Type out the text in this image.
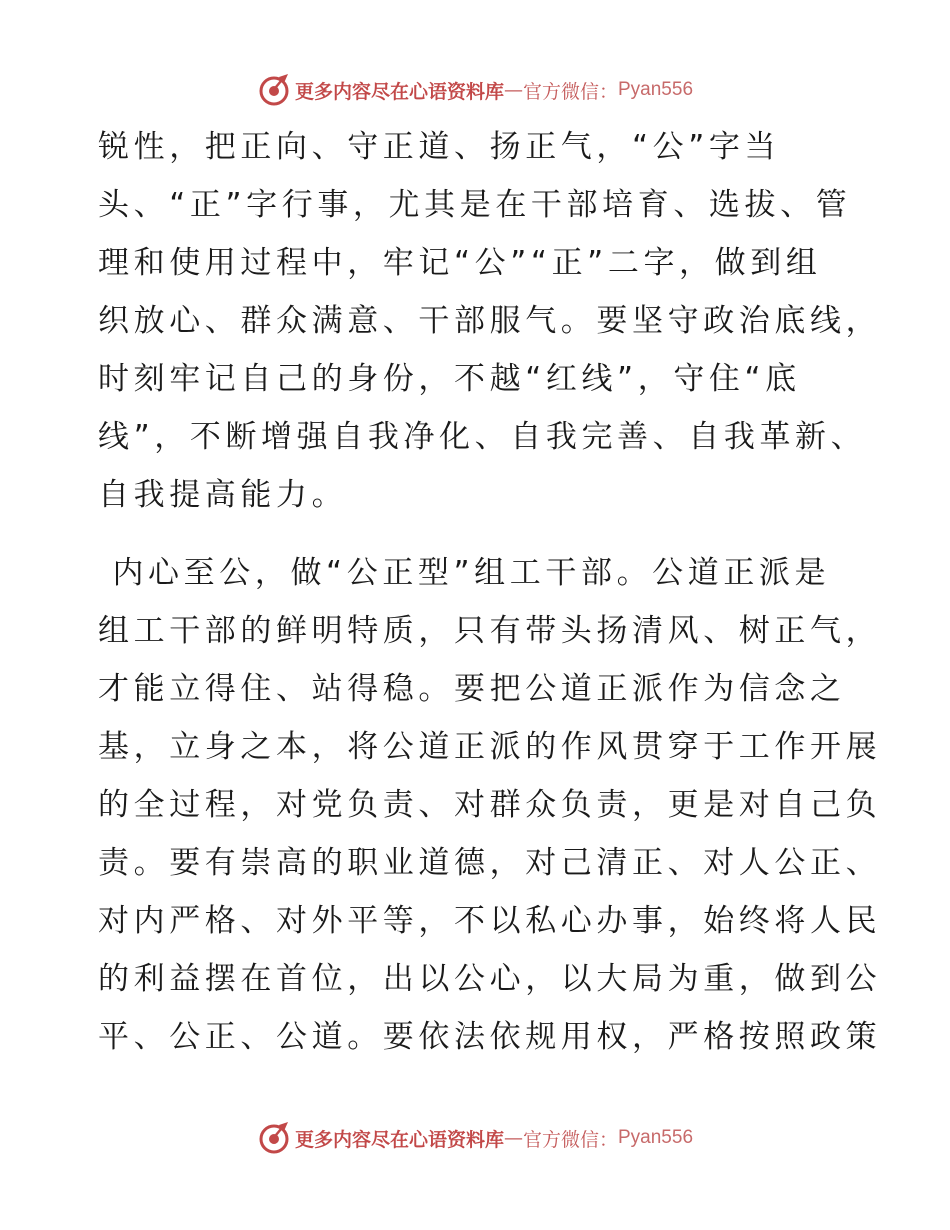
更多内容尽在心语资料库 — 官方微信： Pyan556
锐性，把正向、守正道、扬正气，“公”字当
头、“正”字行事，尤其是在干部培育、选拔、管
理和使用过程中，牢记“公”“正”二字，做到组
织放心、群众满意、干部服气。要坚守政治底线，
时刻牢记自己的身份，不越“红线”，守住“底
线”，不断增强自我净化、自我完善、自我革新、
自我提高能力。
内心至公，做“公正型”组工干部。公道正派是
组工干部的鲜明特质，只有带头扬清风、树正气，
才能立得住、站得稳。要把公道正派作为信念之
基，立身之本，将公道正派的作风贯穿于工作开展
的全过程，对党负责、对群众负责，更是对自己负
责。要有崇高的职业道德，对己清正、对人公正、
对内严格、对外平等，不以私心办事，始终将人民
的利益摆在首位，出以公心，以大局为重，做到公
平、公正、公道。要依法依规用权，严格按照政策
更多内容尽在心语资料库 — 官方微信： Pyan556
